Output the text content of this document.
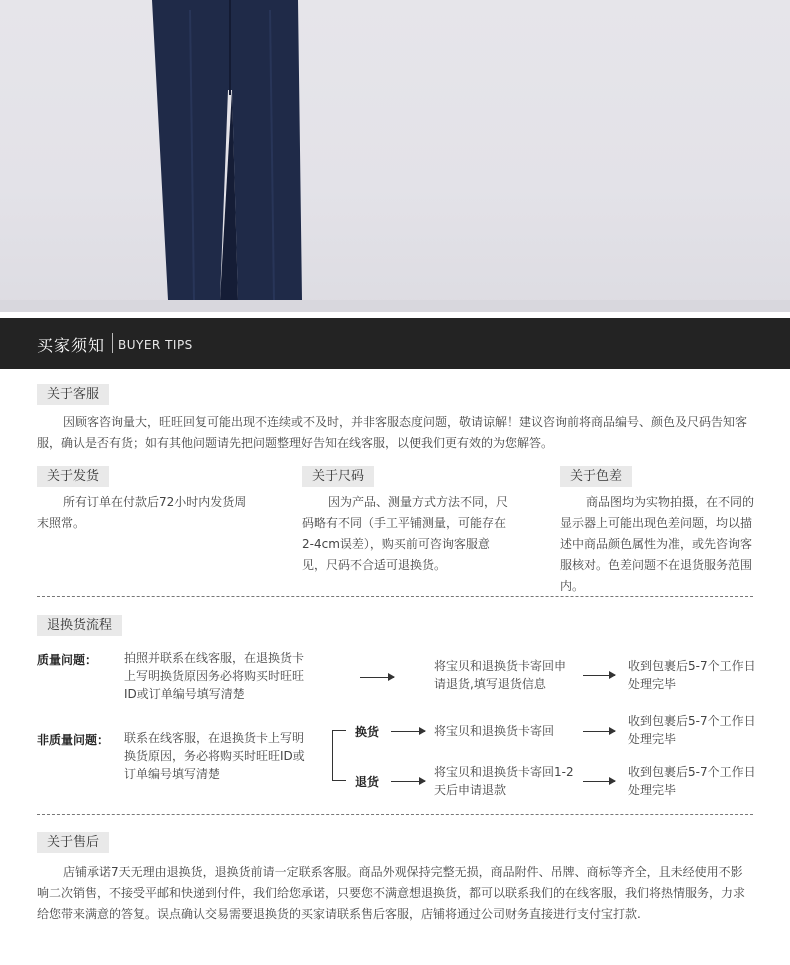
买家须知 BUYER TIPS
关于客服
因顾客咨询量大，旺旺回复可能出现不连续或不及时，并非客服态度问题，敬请谅解！建议咨询前将商品编号、颜色及尺码告知客服，确认是否有货；如有其他问题请先把问题整理好告知在线客服，以便我们更有效的为您解答。
关于发货
所有订单在付款后72小时内发货周末照常。
关于尺码
因为产品、测量方式方法不同，尺码略有不同（手工平铺测量，可能存在2-4cm误差），购买前可咨询客服意见，尺码不合适可退换货。
关于色差
商品图均为实物拍摄，在不同的显示器上可能出现色差问题，均以描述中商品颜色属性为准，或先咨询客服核对。色差问题不在退货服务范围内。
退换货流程
质量问题： 拍照并联系在线客服，在退换货卡上写明换货原因务必将购买时旺旺ID或订单编号填写清楚
将宝贝和退换货卡寄回申请退货,填写退货信息
收到包裹后5-7个工作日处理完毕
非质量问题： 联系在线客服，在退换货卡上写明换货原因，务必将购买时旺旺ID或订单编号填写清楚
换货	将宝贝和退换货卡寄回
收到包裹后5-7个工作日处理完毕
退货
将宝贝和退换货卡寄回1-2天后申请退款
收到包裹后5-7个工作日处理完毕
关于售后
店铺承诺7天无理由退换货，退换货前请一定联系客服。商品外观保持完整无损，商品附件、吊牌、商标等齐全，且未经使用不影响二次销售，不接受平邮和快递到付件，我们给您承诺，只要您不满意想退换货，都可以联系我们的在线客服，我们将热情服务，力求给您带来满意的答复。误点确认交易需要退换货的买家请联系售后客服，店铺将通过公司财务直接进行支付宝打款.
